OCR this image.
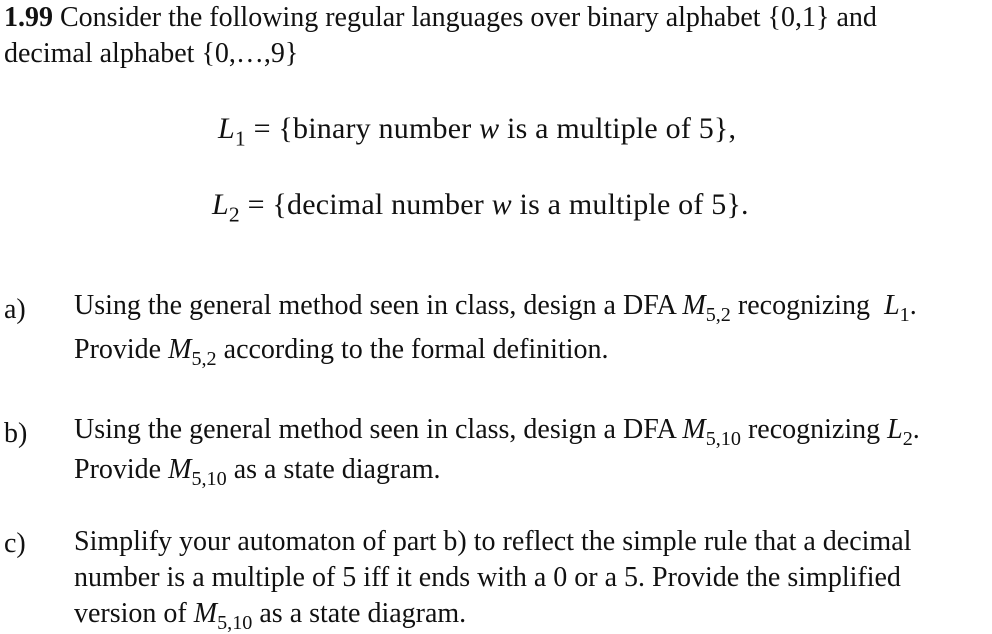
1.99 Consider the following regular languages over binary alphabet {0,1} and
decimal alphabet {0,…,9}
$L_1$ = {binary number w is a multiple of 5},
$L_2$ = {decimal number w is a multiple of 5}.
a) Using the general method seen in class, design a DFA $M_{5,2}$ recognizing  $L_1$.
Provide $M_{5,2}$ according to the formal definition.
b) Using the general method seen in class, design a DFA $M_{5,10}$ recognizing $L_2$.
Provide $M_{5,10}$ as a state diagram.
c) Simplify your automaton of part b) to reflect the simple rule that a decimal
number is a multiple of 5 iff it ends with a 0 or a 5. Provide the simplified
version of $M_{5,10}$ as a state diagram.
